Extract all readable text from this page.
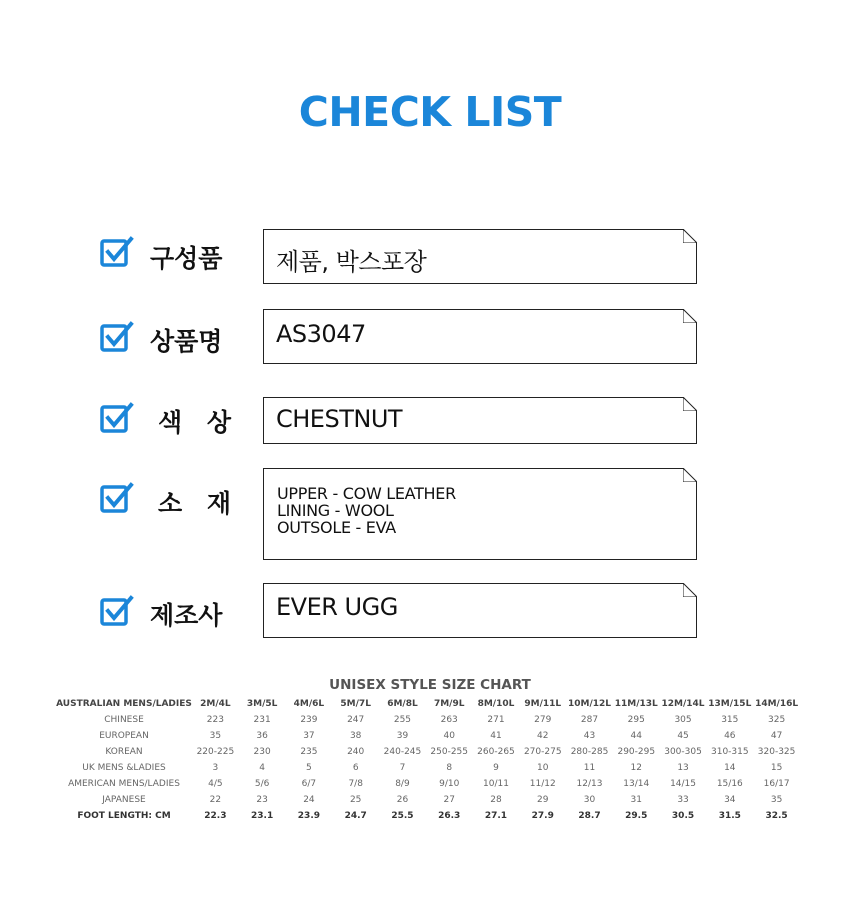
CHECK LIST
구성품 제품, 박스포장
상품명 AS3047
색 상 CHESTNUT
소 재 UPPER - COW LEATHER
LINING - WOOL
OUTSOLE - EVA
제조사 EVER UGG
UNISEX STYLE SIZE CHART
AUSTRALIAN MENS/LADIES	2M/4L	3M/5L	4M/6L	5M/7L	6M/8L	7M/9L	8M/10L	9M/11L	10M/12L	11M/13L	12M/14L	13M/15L	14M/16L
CHINESE	223	231	239	247	255	263	271	279	287	295	305	315	325
EUROPEAN	35	36	37	38	39	40	41	42	43	44	45	46	47
KOREAN	220-225	230	235	240	240-245	250-255	260-265	270-275	280-285	290-295	300-305	310-315	320-325
UK MENS &LADIES	3	4	5	6	7	8	9	10	11	12	13	14	15
AMERICAN MENS/LADIES	4/5	5/6	6/7	7/8	8/9	9/10	10/11	11/12	12/13	13/14	14/15	15/16	16/17
JAPANESE	22	23	24	25	26	27	28	29	30	31	33	34	35
FOOT LENGTH: CM	22.3	23.1	23.9	24.7	25.5	26.3	27.1	27.9	28.7	29.5	30.5	31.5	32.5
